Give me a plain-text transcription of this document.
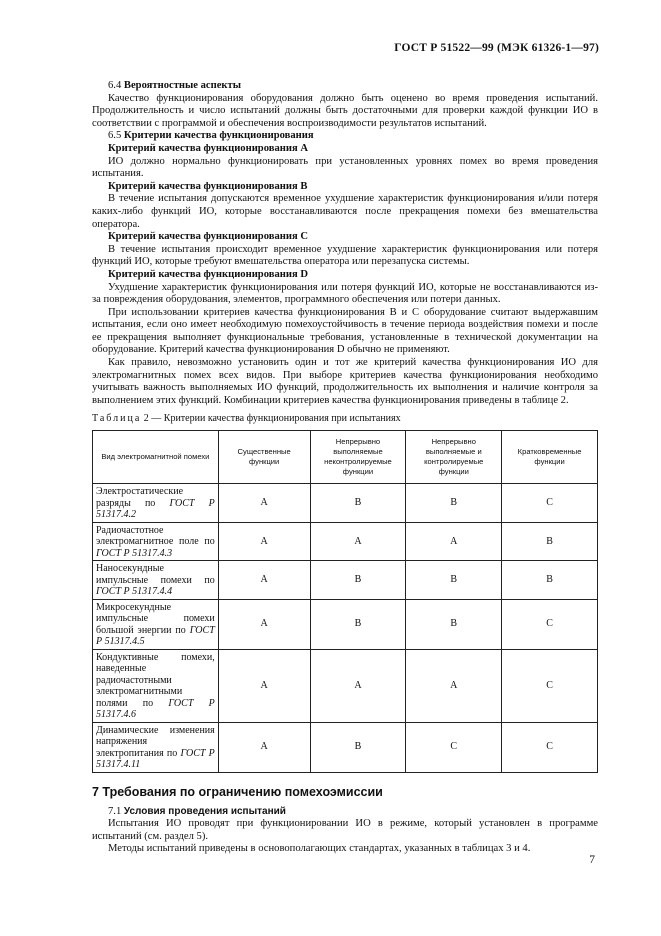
ГОСТ Р 51522—99 (МЭК 61326-1—97)

6.4 Вероятностные аспекты

Качество функционирования оборудования должно быть оценено во время проведения испытаний. Продолжительность и число испытаний должны быть достаточными для проверки каждой функции ИО в соответствии с программой и обеспечения воспроизводимости результатов испытаний.

6.5 Критерии качества функционирования

Критерий качества функционирования А

ИО должно нормально функционировать при установленных уровнях помех во время проведения испытания.

Критерий качества функционирования В

В течение испытания допускаются временное ухудшение характеристик функционирования и/или потеря каких-либо функций ИО, которые восстанавливаются после прекращения помехи без вмешательства оператора.

Критерий качества функционирования С

В течение испытания происходит временное ухудшение характеристик функционирования или потеря функций ИО, которые требуют вмешательства оператора или перезапуска системы.

Критерий качества функционирования D

Ухудшение характеристик функционирования или потеря функций ИО, которые не восстанавливаются из-за повреждения оборудования, элементов, программного обеспечения или потери данных.

При использовании критериев качества функционирования В и С оборудование считают выдержавшим испытания, если оно имеет необходимую помехоустойчивость в течение периода воздействия помехи и после ее прекращения выполняет функциональные требования, установленные в технической документации на оборудование. Критерий качества функционирования D обычно не применяют.

Как правило, невозможно установить один и тот же критерий качества функционирования ИО для электромагнитных помех всех видов. При выборе критериев качества функционирования необходимо учитывать важность выполняемых ИО функций, продолжительность их выполнения и наличие контроля за выполнением этих функций. Комбинации критериев качества функционирования приведены в таблице 2.

Таблица 2 — Критерии качества функционирования при испытаниях

Вид электромагнитной помехи	Существенные функции	Непрерывно выполняемые неконтролируемые функции	Непрерывно выполняемые и контролируемые функции	Кратковременные функции
Электростатические разряды по ГОСТ Р 51317.4.2	А	В	В	С
Радиочастотное электромагнитное поле по ГОСТ Р 51317.4.3	А	А	А	В
Наносекундные импульсные помехи по ГОСТ Р 51317.4.4	А	В	В	В
Микросекундные импульсные помехи большой энергии по ГОСТ Р 51317.4.5	А	В	В	С
Кондуктивные помехи, наведенные радиочастотными электромагнитными полями по ГОСТ Р 51317.4.6	А	А	А	С
Динамические изменения напряжения электропитания по ГОСТ Р 51317.4.11	А	В	С	С

7 Требования по ограничению помехоэмиссии

7.1 Условия проведения испытаний

Испытания ИО проводят при функционировании ИО в режиме, который установлен в программе испытаний (см. раздел 5).

Методы испытаний приведены в основополагающих стандартах, указанных в таблицах 3 и 4.

7
